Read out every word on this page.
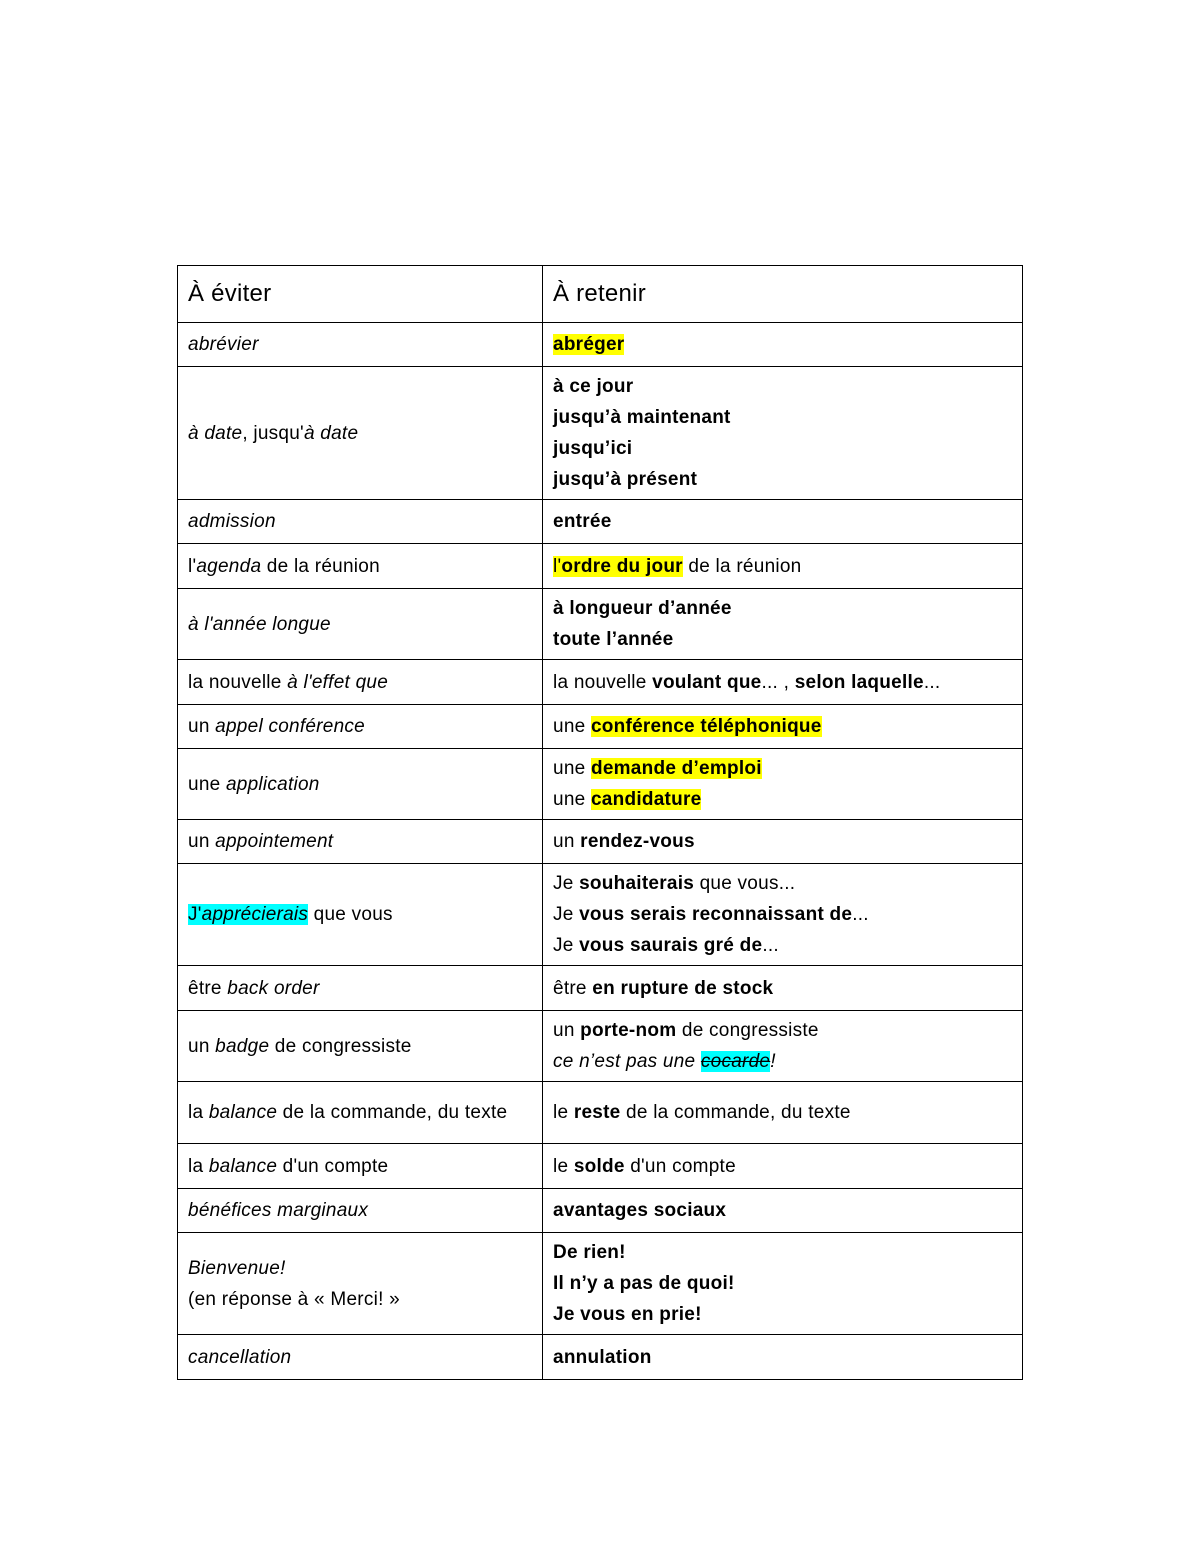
À éviter	À retenir

abrévier	abréger

à date, jusqu'à date	à ce jour
jusqu’à maintenant
jusqu’ici
jusqu’à présent

admission	entrée

l'agenda de la réunion	l'ordre du jour de la réunion

à l'année longue	à longueur d’année
toute l’année

la nouvelle à l'effet que	la nouvelle voulant que... , selon laquelle...

un appel conférence	une conférence téléphonique

une application	une demande d’emploi
une candidature

un appointement	un rendez-vous

J'apprécierais que vous	Je souhaiterais que vous...
Je vous serais reconnaissant de...
Je vous saurais gré de...

être back order	être en rupture de stock

un badge de congressiste	un porte-nom de congressiste
ce n’est pas une cocarde!

la balance de la commande, du texte	le reste de la commande, du texte

la balance d'un compte	le solde d'un compte

bénéfices marginaux	avantages sociaux

Bienvenue!
(en réponse à « Merci! »	De rien!
Il n’y a pas de quoi!
Je vous en prie!

cancellation	annulation
